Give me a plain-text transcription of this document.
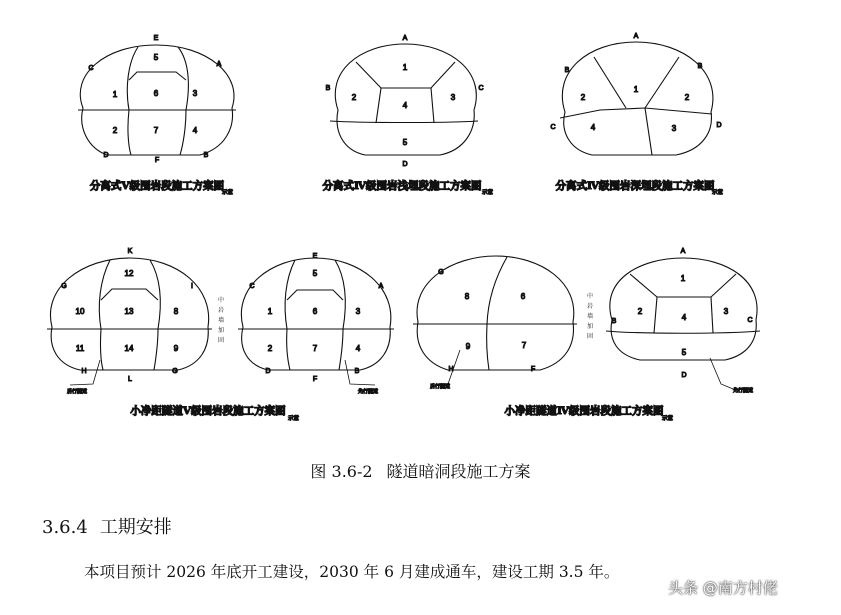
E
A
C
D
F
B
5
6
1	3
2	7	4
分离式Ⅴ级围岩段施工方案图
示意
A
B	C
D
1
2
4
3
5
分离式Ⅳ级围岩浅埋段施工方案图
示意
A
B
B
C	D
1
2	2
4	3
分离式Ⅳ级围岩深埋段施工方案图
示意
K
G	I
H
L
G
12
10	13	8
11	14	9
E
C	A
D
F
B
5
1	6	3
2	7	4
后行隧道	先行隧道
小净距隧道Ⅴ级围岩段施工方案图
示意
G
H	F
8	6
9	7
A
B	C
D
1
2
4
3
5
后行隧道
先行隧道
小净距隧道Ⅳ级围岩段施工方案图
示意
中
岩
墙
加
固
中
岩
墙
加
固
图 3.6-2 隧道暗洞段施工方案
3.6.4 工期安排
本项目预计 2026 年底开工建设，2030 年 6 月建成通车，建设工期 3.5 年。
头条 @南方村佬
